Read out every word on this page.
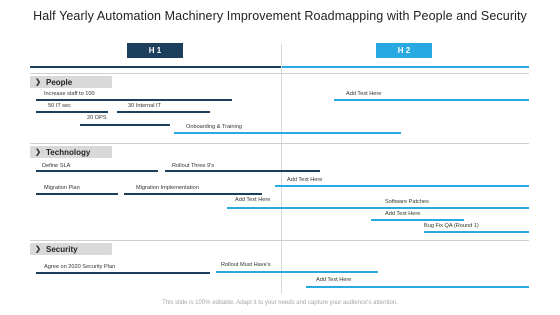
Half Yearly Automation Machinery Improvement Roadmapping with People and Security
H 1	H 2
❯ People
Increase staff to 100	Add Text Here
50 IT sec	30 Internal IT
20 OPS
Onboarding & Training
❯ Technology
Define SLA	Rollout Three 9's
Add Text Here
Migration Plan	Migration Implementation
Add Text Here	Software Patches
Add Text Here
Bug Fix QA (Round 1)
❯ Security
Agree on 2020 Security Plan	Rollout Must Have's
Add Text Here
This slide is 100% editable. Adapt it to your needs and capture your audience's attention.
